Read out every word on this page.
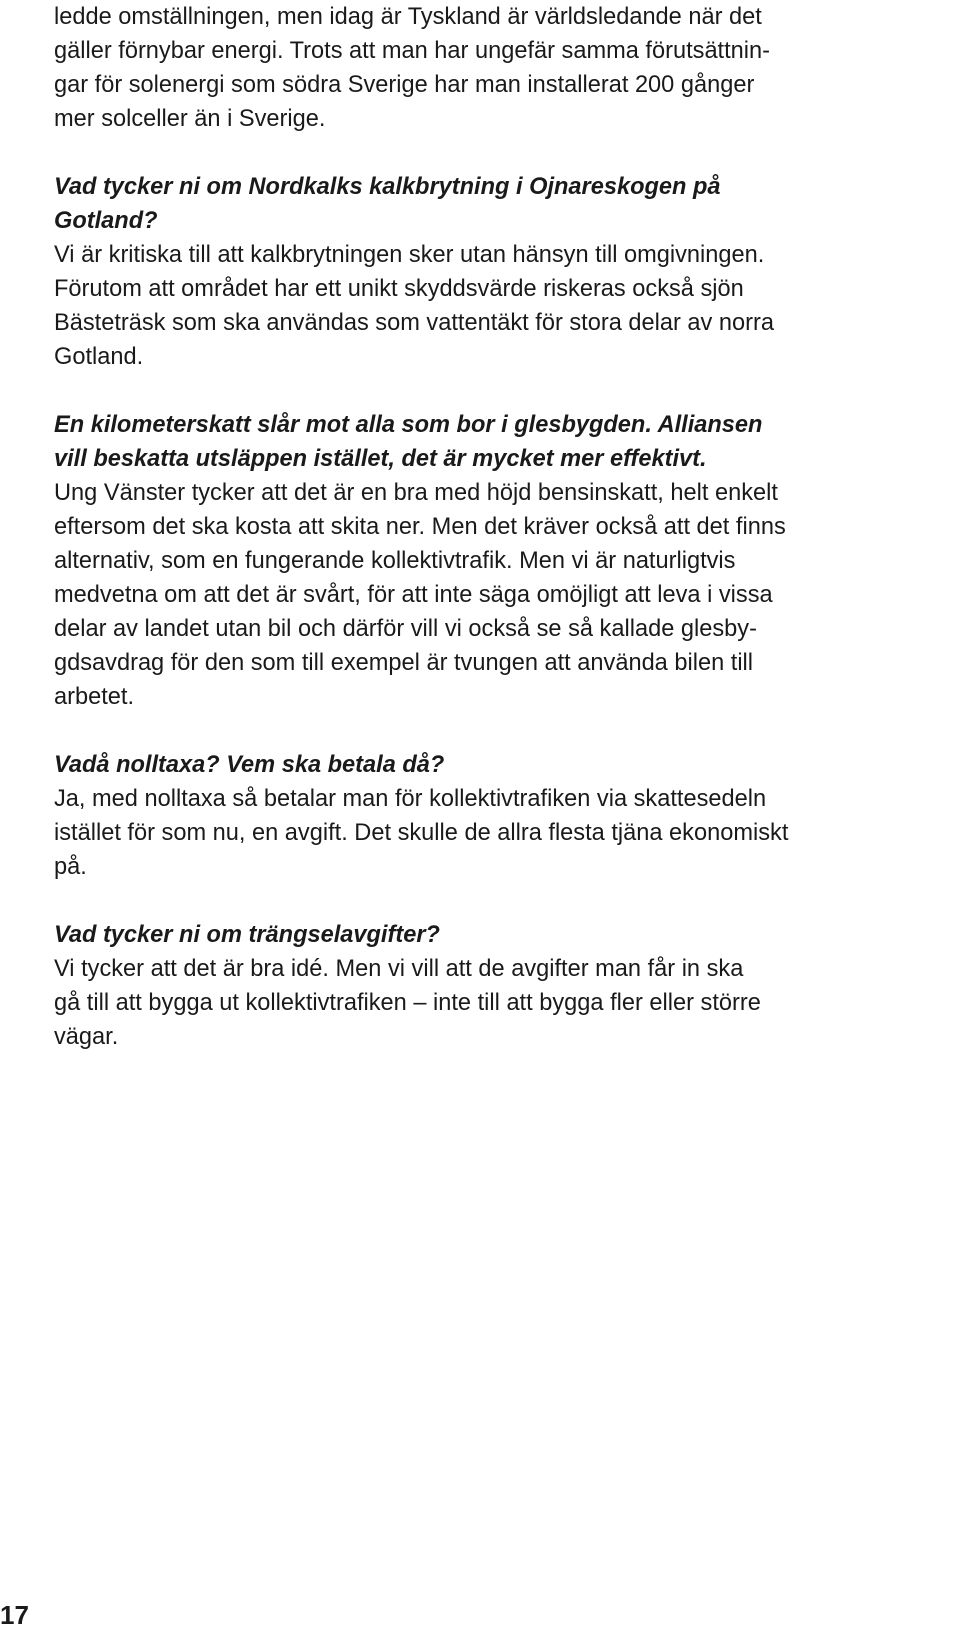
ledde omställningen, men idag är Tyskland är världsledande när det
gäller förnybar energi. Trots att man har ungefär samma förutsättnin-
gar för solenergi som södra Sverige har man installerat 200 gånger
mer solceller än i Sverige.
Vad tycker ni om Nordkalks kalkbrytning i Ojnareskogen på
Gotland?
Vi är kritiska till att kalkbrytningen sker utan hänsyn till omgivningen.
Förutom att området har ett unikt skyddsvärde riskeras också sjön
Bästeträsk som ska användas som vattentäkt för stora delar av norra
Gotland.
En kilometerskatt slår mot alla som bor i glesbygden. Alliansen
vill beskatta utsläppen istället, det är mycket mer effektivt.
Ung Vänster tycker att det är en bra med höjd bensinskatt, helt enkelt
eftersom det ska kosta att skita ner. Men det kräver också att det finns
alternativ, som en fungerande kollektivtrafik. Men vi är naturligtvis
medvetna om att det är svårt, för att inte säga omöjligt att leva i vissa
delar av landet utan bil och därför vill vi också se så kallade glesby-
gdsavdrag för den som till exempel är tvungen att använda bilen till
arbetet.
Vadå nolltaxa? Vem ska betala då?
Ja, med nolltaxa så betalar man för kollektivtrafiken via skattesedeln
istället för som nu, en avgift. Det skulle de allra flesta tjäna ekonomiskt
på.
Vad tycker ni om trängselavgifter?
Vi tycker att det är bra idé. Men vi vill att de avgifter man får in ska
gå till att bygga ut kollektivtrafiken – inte till att bygga fler eller större
vägar.
17
